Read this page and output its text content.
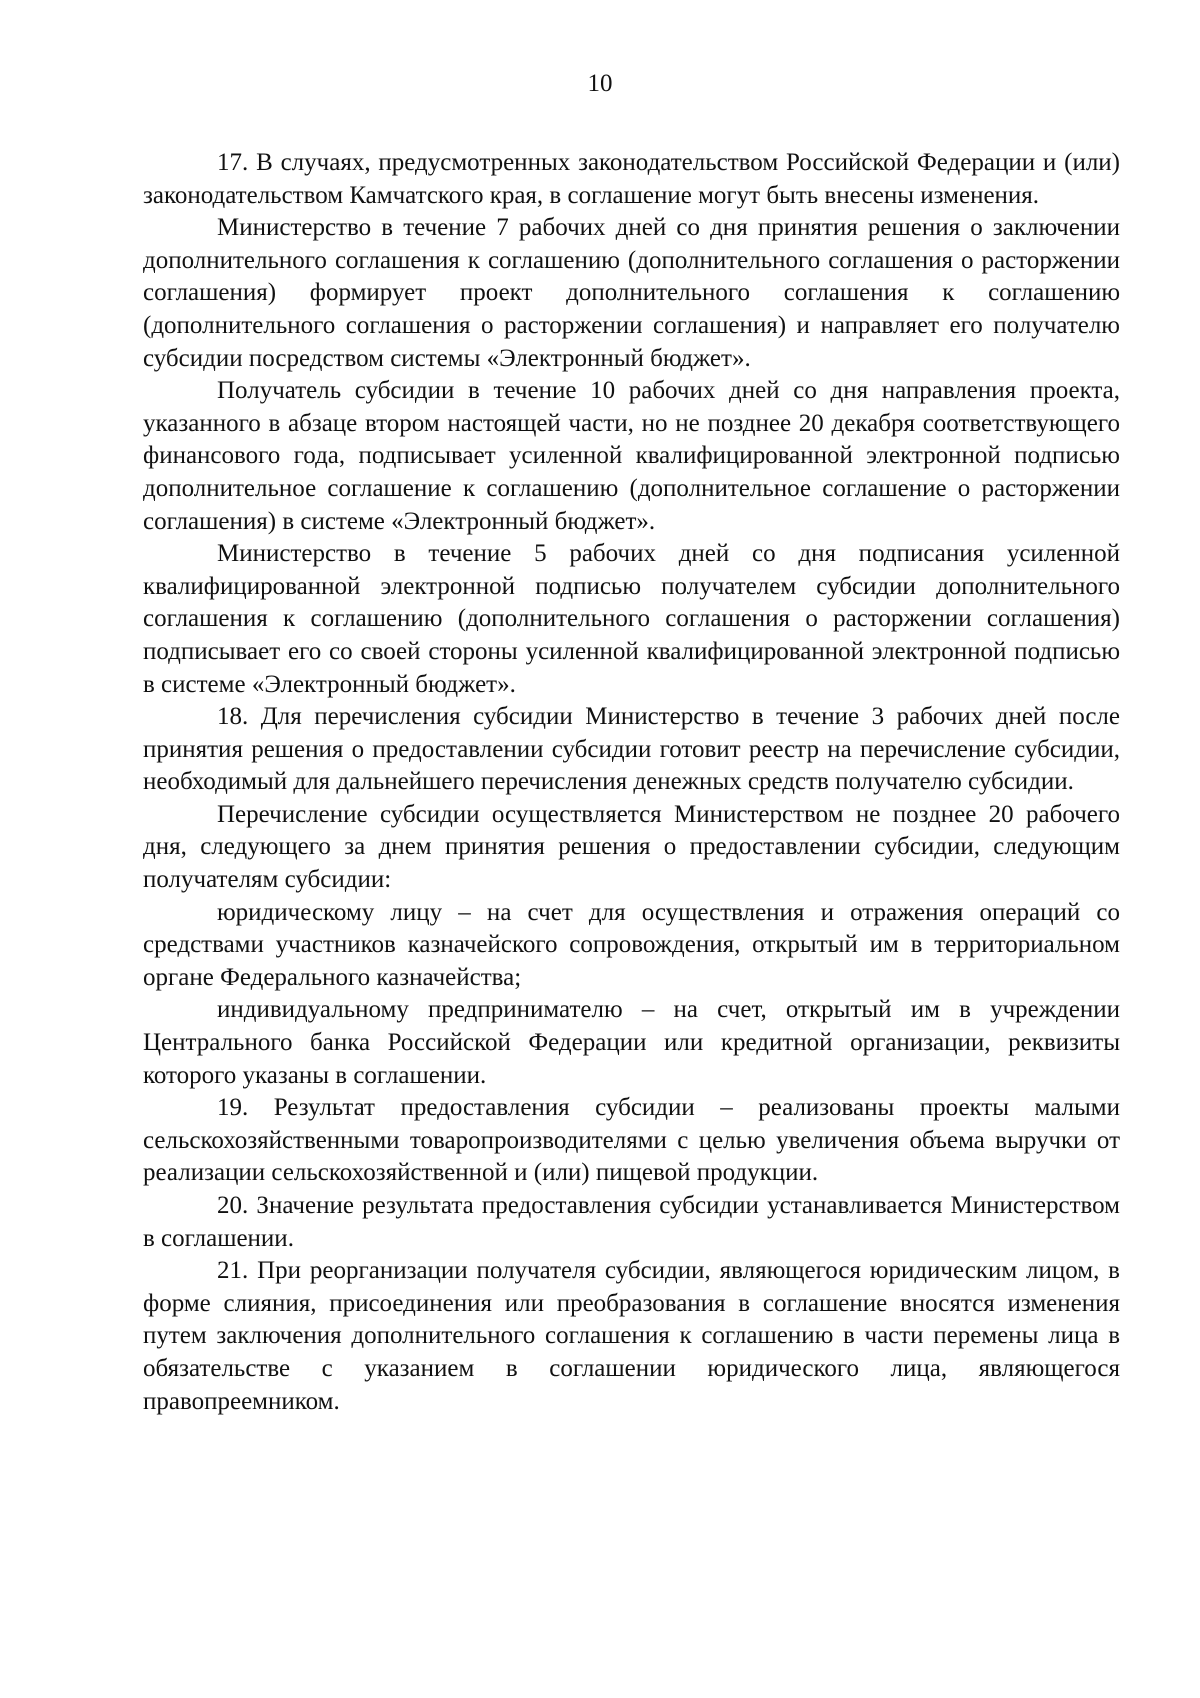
10

17. В случаях, предусмотренных законодательством Российской Федерации и (или) законодательством Камчатского края, в соглашение могут быть внесены изменения.

Министерство в течение 7 рабочих дней со дня принятия решения о заключении дополнительного соглашения к соглашению (дополнительного соглашения о расторжении соглашения) формирует проект дополнительного соглашения к соглашению (дополнительного соглашения о расторжении соглашения) и направляет его получателю субсидии посредством системы «Электронный бюджет».

Получатель субсидии в течение 10 рабочих дней со дня направления проекта, указанного в абзаце втором настоящей части, но не позднее 20 декабря соответствующего финансового года, подписывает усиленной квалифицированной электронной подписью дополнительное соглашение к соглашению (дополнительное соглашение о расторжении соглашения) в системе «Электронный бюджет».

Министерство в течение 5 рабочих дней со дня подписания усиленной квалифицированной электронной подписью получателем субсидии дополнительного соглашения к соглашению (дополнительного соглашения о расторжении соглашения) подписывает его со своей стороны усиленной квалифицированной электронной подписью в системе «Электронный бюджет».

18. Для перечисления субсидии Министерство в течение 3 рабочих дней после принятия решения о предоставлении субсидии готовит реестр на перечисление субсидии, необходимый для дальнейшего перечисления денежных средств получателю субсидии.

Перечисление субсидии осуществляется Министерством не позднее 20 рабочего дня, следующего за днем принятия решения о предоставлении субсидии, следующим получателям субсидии:

юридическому лицу – на счет для осуществления и отражения операций со средствами участников казначейского сопровождения, открытый им в территориальном органе Федерального казначейства;

индивидуальному предпринимателю – на счет, открытый им в учреждении Центрального банка Российской Федерации или кредитной организации, реквизиты которого указаны в соглашении.

19. Результат предоставления субсидии – реализованы проекты малыми сельскохозяйственными товаропроизводителями с целью увеличения объема выручки от реализации сельскохозяйственной и (или) пищевой продукции.

20. Значение результата предоставления субсидии устанавливается Министерством в соглашении.

21. При реорганизации получателя субсидии, являющегося юридическим лицом, в форме слияния, присоединения или преобразования в соглашение вносятся изменения путем заключения дополнительного соглашения к соглашению в части перемены лица в обязательстве с указанием в соглашении юридического лица, являющегося правопреемником.
